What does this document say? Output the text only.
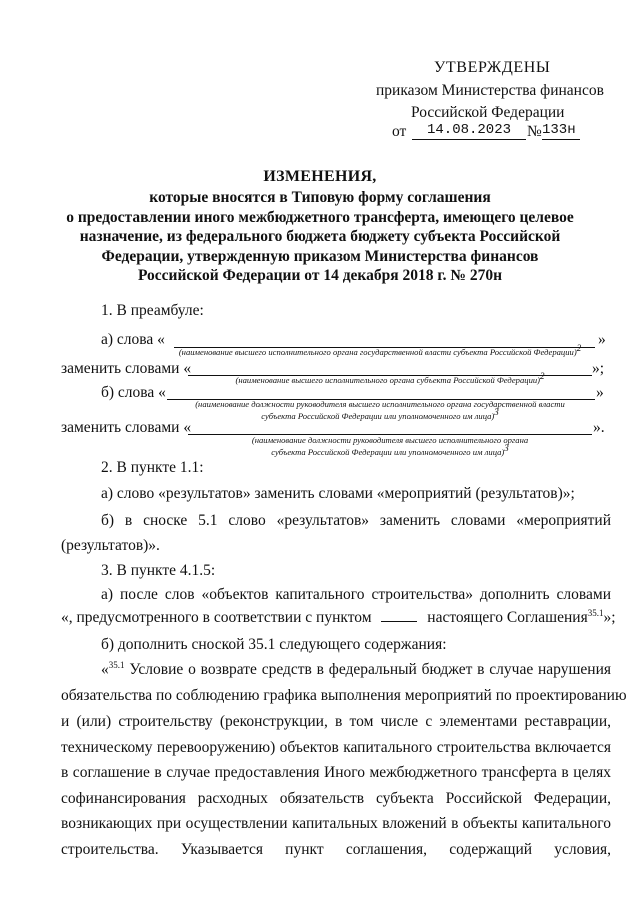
УТВЕРЖДЕНЫ
приказом Министерства финансов
Российской Федерации
от	14.08.2023	№ 133н
ИЗМЕНЕНИЯ,
которые вносятся в Типовую форму соглашения
о предоставлении иного межбюджетного трансферта, имеющего целевое
назначение, из федерального бюджета бюджету субъекта Российской
Федерации, утвержденную приказом Министерства финансов
Российской Федерации от 14 декабря 2018 г. № 270н
1. В преамбуле:
а) слова «	»
(наименование высшего исполнительного органа государственной власти субъекта Российской Федерации)$^2$
заменить словами «	»;
(наименование высшего исполнительного органа субъекта Российской Федерации)$^2$
б) слова «	»
(наименование должности руководителя высшего исполнительного органа государственной власти
субъекта Российской Федерации или уполномоченного им лица)$^3$
заменить словами «	».
(наименование должности руководителя высшего исполнительного органа
субъекта Российской Федерации или уполномоченного им лица)$^3$
2. В пункте 1.1:
а) слово «результатов» заменить словами «мероприятий (результатов)»;
б) в сноске 5.1 слово «результатов» заменить словами «мероприятий
(результатов)».
3. В пункте 4.1.5:
а) после слов «объектов капитального строительства» дополнить словами
«, предусмотренного в соответствии с пунктом	настоящего Соглашения$^{35.1}$»;
б) дополнить сноской 35.1 следующего содержания:
«$^{35.1}$ Условие о возврате средств в федеральный бюджет в случае нарушения
обязательства по соблюдению графика выполнения мероприятий по проектированию
и (или) строительству (реконструкции, в том числе с элементами реставрации,
техническому перевооружению) объектов капитального строительства включается
в соглашение в случае предоставления Иного межбюджетного трансферта в целях
софинансирования расходных обязательств субъекта Российской Федерации,
возникающих при осуществлении капитальных вложений в объекты капитального
строительства. Указывается пункт соглашения, содержащий условия,
